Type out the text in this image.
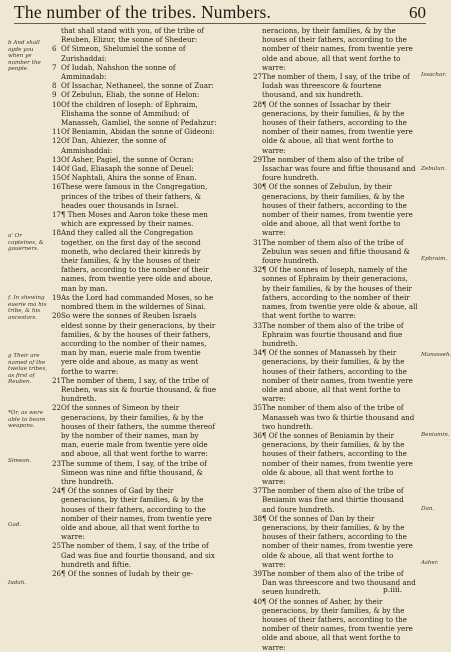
The number of the tribes. Numbers.	60

that shall stand with you, of the tribe of Reuben, Elizur, the sonne of Shedeur:

6 Of Simeon, Shelumiel the sonne of Zurishaddai:

7 Of Iudah, Nahshon the sonne of Amminadab:

8 Of Issachar, Nethaneel, the sonne of Zuar:

9 Of Zebulun, Eliab, the sonne of Helon:

10Of the children of Ioseph: of Ephraim, Elishama the sonne of Ammihud: of Manasseh, Gamliel, the sonne of Pedahzur:

11Of Beniamin, Abidan the sonne of Gideoni:

12Of Dan, Ahiezer, the sonne of Ammishaddai:

13Of Asher, Pagiel, the sonne of Ocran:

14Of Gad, Eliasaph the sonne of Deuel:

15Of Naphtali, Ahira the sonne of Enan.

16These were famous in the Congregation, princes of the tribes of their fathers, & heades ouer thousands in Israel.

17¶ Then Moses and Aaron toke these men which are expressed by their names.

18And they called all the Congregation together, on the first day of the second moneth, who declared their kinreds by their families, & by the houses of their fathers, according to the nomber of their names, from twentie yere olde and aboue, man by man.

19As the Lord had commanded Moses, so he nombred them in the wildernes of Sinai.

20So were the sonnes of Reuben Israels eldest sonne by their generacions, by their families, & by the houses of their fathers, according to the nomber of their names, man by man, euerie male from twentie yere olde and aboue, as many as went forthe to warre:

21The nomber of them, I say, of the tribe of Reuben, was six & fourtie thousand, & fiue hundreth.

22Of the sonnes of Simeon by their generacions, by their families, & by the houses of their fathers, the summe thereof by the nomber of their names, man by man, euerie male from twentie yere olde and aboue, all that went forthe to warre:

23The summe of them, I say, of the tribe of Simeon was nine and fiftie thousand, & thre hundreth.

24¶ Of the sonnes of Gad by their generacions, by their families, & by the houses of their fathers, according to the nomber of their names, from twentie yere olde and aboue, all that went forthe to warre:

25The nomber of them, I say, of the tribe of Gad was fiue and fourtie thousand, and six hundreth and fiftie.

26¶ Of the sonnes of Iudah by their ge-

neracions, by their families, & by the houses of their fathers, according to the nomber of their names, from twentie yere olde and aboue, all that went forthe to warre:

27The nomber of them, I say, of the tribe of Iudah was threescore & fourtene thousand, and six hundreth.

28¶ Of the sonnes of Issachar by their generacions, by their families, & by the houses of their fathers, according to the nomber of their names, from twentie yere olde & aboue, all that went forthe to warre:

29The nomber of them also of the tribe of Issachar was foure and fiftie thousand and foure hundreth.

30¶ Of the sonnes of Zebulun, by their generacions, by their families, & by the houses of their fathers, according to the nomber of their names, from twentie yere olde and aboue, all that went forthe to warre:

31The nomber of them also of the tribe of Zebulun was seuen and fiftie thousand & foure hundreth.

32¶ Of the sonnes of Ioseph, namely of the sonnes of Ephraim by their generacions, by their families, & by the houses of their fathers, according to the nomber of their names, from twentie yere olde & aboue, all that went forthe to warre:

33The nomber of them also of the tribe of Ephraim was fourtie thousand and fiue hundreth.

34¶ Of the sonnes of Manasseh by their generacions, by their families, & by the houses of their fathers, according to the nomber of their names, from twentie yere olde and aboue, all that went forthe to warre:

35The nomber of them also of the tribe of Manasseh was two & thirtie thousand and two hundreth.

36¶ Of the sonnes of Beniamin by their generacions, by their families, & by the houses of their fathers, according to the nomber of their names, from twentie yere olde & aboue, all that went forthe to warre:

37The nomber of them also of the tribe of Beniamin was fiue and thirtie thousand and foure hundreth.

38¶ Of the sonnes of Dan by their generacions, by their families, & by the houses of their fathers, according to the nomber of their names, from twentie yere olde & aboue, all that went forthe to warre:

39The nomber of them also of the tribe of Dan was threescore and two thousand and seuen hundreth.

40¶ Of the sonnes of Asher, by their generacions, by their families, & by the houses of their fathers, according to the nomber of their names, from twentie yere olde and aboue, all that went forthe to warre:

b And shall ayde you when ye nomber the people.
a' Or capteines, & gouerners.
f. In shewing euerie ma his tribe, & his ancestors.
g Their are named of the twelue tribes, as first of Reuben.
*Or, as were able to beare weapons.
Simeon.
Gad.
Iudah.
Issachar.
Zebulun.
Ephraim.
Manasseh.
Beniamin.
Dan.
Asher.
p.iiii.
